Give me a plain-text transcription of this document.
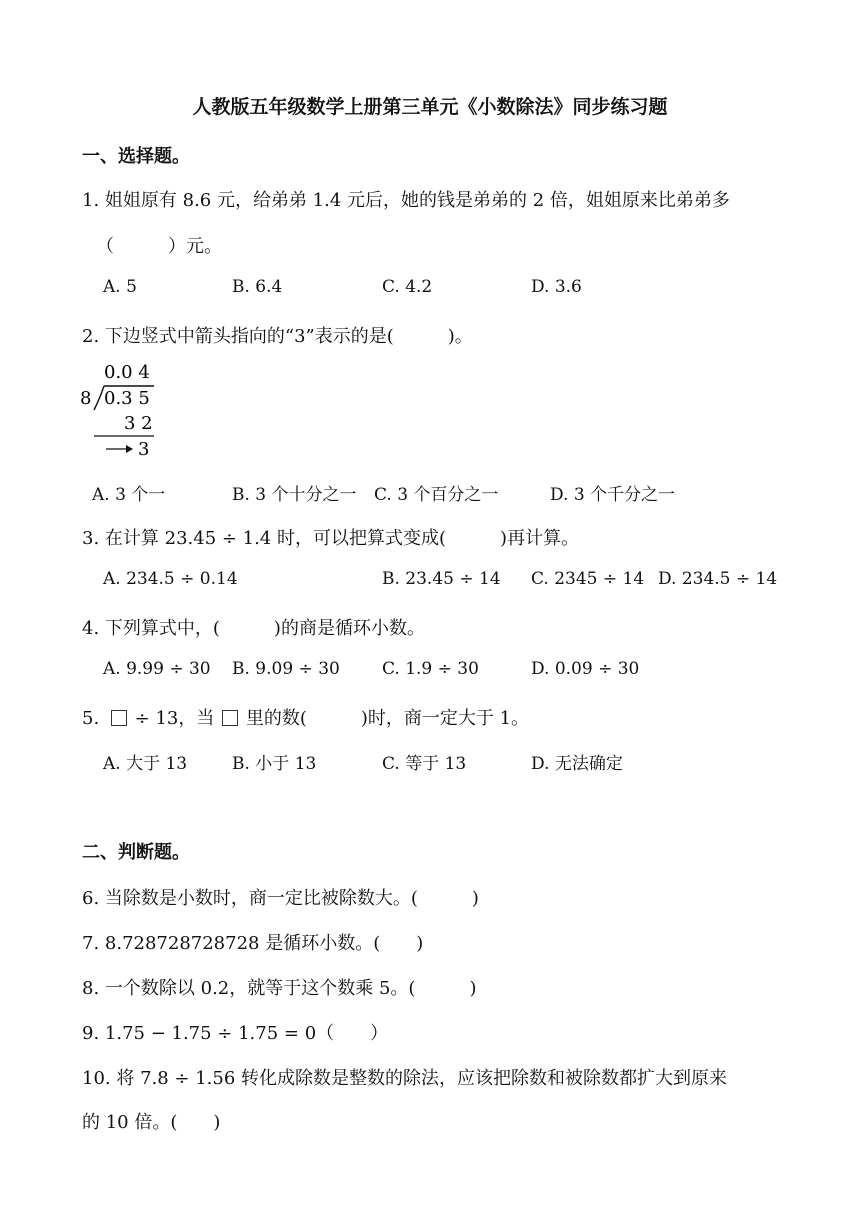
人教版五年级数学上册第三单元《小数除法》同步练习题
一、选择题。
1. 姐姐原有 8.6 元，给弟弟 1.4 元后，她的钱是弟弟的 2 倍，姐姐原来比弟弟多
（　　　）元。
A. 5	B. 6.4	C. 4.2	D. 3.6
2. 下边竖式中箭头指向的“3”表示的是(　　　)。
0.0 4
8 0.3 5
3 2
3
A. 3 个一	B. 3 个十分之一 C. 3 个百分之一	D. 3 个千分之一
3. 在计算 23.45 ÷ 1.4 时，可以把算式变成(　　　)再计算。
A. 234.5 ÷ 0.14	B. 23.45 ÷ 14 C. 2345 ÷ 14 D. 234.5 ÷ 14
4. 下列算式中，(　　　)的商是循环小数。
A. 9.99 ÷ 30 B. 9.09 ÷ 30 C. 1.9 ÷ 30	D. 0.09 ÷ 30
5. ÷ 13，当 里的数(　　　)时，商一定大于 1。
A. 大于 13	B. 小于 13	C. 等于 13	D. 无法确定
二、判断题。
6. 当除数是小数时，商一定比被除数大。(　　　)
7. 8.728728728728 是循环小数。(　　)
8. 一个数除以 0.2，就等于这个数乘 5。(　　　)
9. 1.75 − 1.75 ÷ 1.75 = 0（　　）
10. 将 7.8 ÷ 1.56 转化成除数是整数的除法，应该把除数和被除数都扩大到原来
的 10 倍。(　　)
